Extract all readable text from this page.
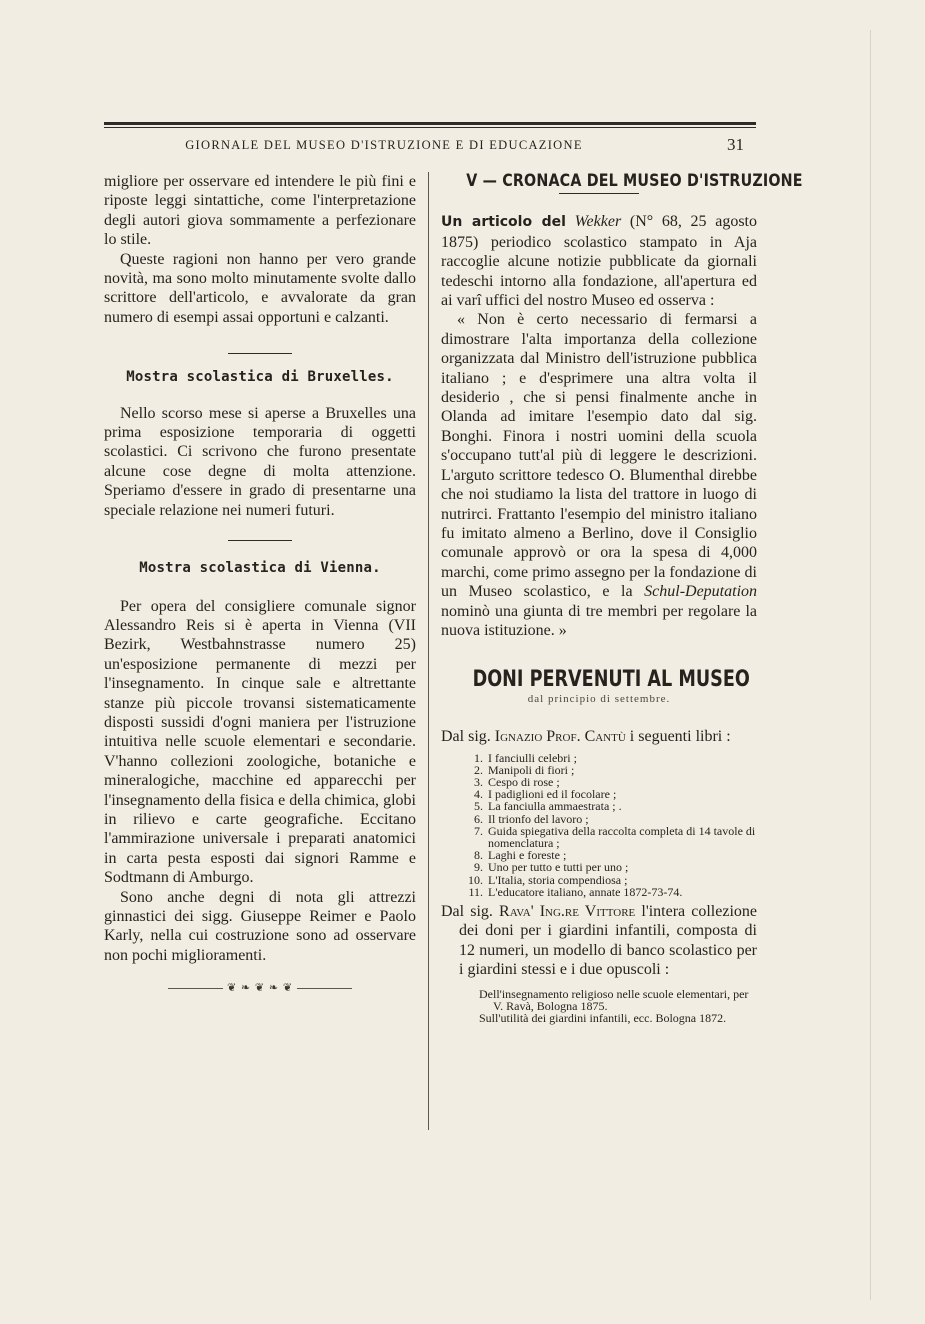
GIORNALE DEL MUSEO D'ISTRUZIONE E DI EDUCAZIONE	31

migliore per osservare ed intendere le più fini e riposte leggi sintattiche, come l'interpretazione degli autori giova sommamente a perfezionare lo stile.

Queste ragioni non hanno per vero grande novità, ma sono molto minutamente svolte dallo scrittore dell'articolo, e avvalorate da gran numero di esempi assai opportuni e calzanti.

Mostra scolastica di Bruxelles.

Nello scorso mese si aperse a Bruxelles una prima esposizione temporaria di oggetti scolastici. Ci scrivono che furono presentate alcune cose degne di molta attenzione. Speriamo d'essere in grado di presentarne una speciale relazione nei numeri futuri.

Mostra scolastica di Vienna.

Per opera del consigliere comunale signor Alessandro Reis si è aperta in Vienna (VII Bezirk, Westbahnstrasse numero 25) un'esposizione permanente di mezzi per l'insegnamento. In cinque sale e altrettante stanze più piccole trovansi sistematicamente disposti sussidi d'ogni maniera per l'istruzione intuitiva nelle scuole elementari e secondarie. V'hanno collezioni zoologiche, botaniche e mineralogiche, macchine ed apparecchi per l'insegnamento della fisica e della chimica, globi in rilievo e carte geografiche. Eccitano l'ammirazione universale i preparati anatomici in carta pesta esposti dai signori Ramme e Sodtmann di Amburgo.

Sono anche degni di nota gli attrezzi ginnastici dei sigg. Giuseppe Reimer e Paolo Karly, nella cui costruzione sono ad osservare non pochi miglioramenti.

❦ ❧ ❦ ❧ ❦
V — CRONACA DEL MUSEO D'ISTRUZIONE

Un articolo del Wekker (N° 68, 25 agosto 1875) periodico scolastico stampato in Aja raccoglie alcune notizie pubblicate da giornali tedeschi intorno alla fondazione, all'apertura ed ai varî uffici del nostro Museo ed osserva :

« Non è certo necessario di fermarsi a dimostrare l'alta importanza della collezione organizzata dal Ministro dell'istruzione pubblica italiano ; e d'esprimere una altra volta il desiderio , che si pensi finalmente anche in Olanda ad imitare l'esempio dato dal sig. Bonghi. Finora i nostri uomini della scuola s'occupano tutt'al più di leggere le descrizioni. L'arguto scrittore tedesco O. Blumenthal direbbe che noi studiamo la lista del trattore in luogo di nutrirci. Frattanto l'esempio del ministro italiano fu imitato almeno a Berlino, dove il Consiglio comunale approvò or ora la spesa di 4,000 marchi, come primo assegno per la fondazione di un Museo scolastico, e la Schul-Deputation nominò una giunta di tre membri per regolare la nuova istituzione. »

DONI PERVENUTI AL MUSEO
dal principio di settembre.

Dal sig. Ignazio Prof. Cantù i seguenti libri :

1. I fanciulli celebri ;
2. Manipoli di fiori ;
3. Cespo di rose ;
4. I padiglioni ed il focolare ;
5. La fanciulla ammaestrata ; .
6. Il trionfo del lavoro ;
7. Guida spiegativa della raccolta completa di 14 tavole di nomenclatura ;
8. Laghi e foreste ;
9. Uno per tutto e tutti per uno ;
10. L'Italia, storia compendiosa ;
11. L'educatore italiano, annate 1872-73-74.

Dal sig. Rava' Ing.re Vittore l'intera collezione dei doni per i giardini infantili, composta di 12 numeri, un modello di banco scolastico per i giardini stessi e i due opuscoli :

Dell'insegnamento religioso nelle scuole elementari, per V. Ravà, Bologna 1875.

Sull'utilità dei giardini infantili, ecc. Bologna 1872.
